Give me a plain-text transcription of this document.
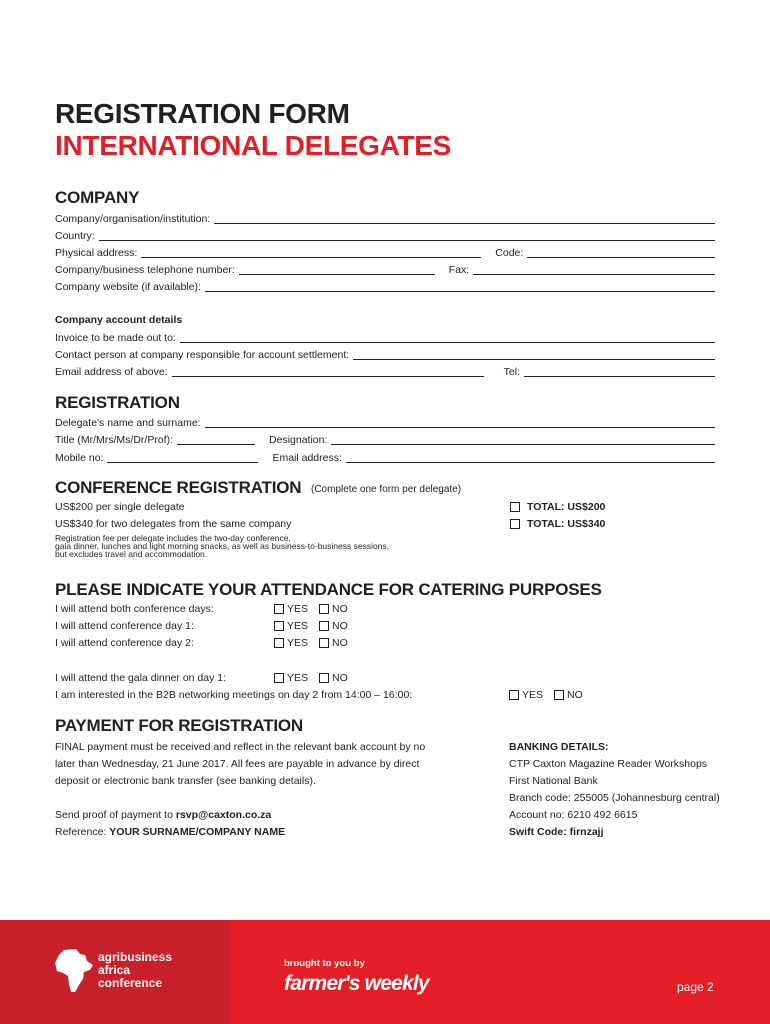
REGISTRATION FORM
INTERNATIONAL DELEGATES
COMPANY
Company/organisation/institution:
Country:
Physical address:	Code:
Company/business telephone number:	Fax:
Company website (if available):
Company account details
Invoice to be made out to:
Contact person at company responsible for account settlement:
Email address of above:	Tel:
REGISTRATION
Delegate's name and surname:
Title (Mr/Mrs/Ms/Dr/Prof):	Designation:
Mobile no:	Email address:
CONFERENCE REGISTRATION (Complete one form per delegate)
US$200 per single delegate
US$340 for two delegates from the same company
TOTAL: US$200
TOTAL: US$340
Registration fee per delegate includes the two-day conference,
gala dinner, lunches and light morning snacks, as well as business-to-business sessions,
but excludes travel and accommodation.
PLEASE INDICATE YOUR ATTENDANCE FOR CATERING PURPOSES
I will attend both conference days:	YES NO
I will attend conference day 1:	YES NO
I will attend conference day 2:	YES NO
I will attend the gala dinner on day 1:	YES NO
I am interested in the B2B networking meetings on day 2 from 14:00 – 16:00:	YES NO
PAYMENT FOR REGISTRATION
FINAL payment must be received and reflect in the relevant bank account by no
later than Wednesday, 21 June 2017. All fees are payable in advance by direct
deposit or electronic bank transfer (see banking details).
Send proof of payment to rsvp@caxton.co.za
Reference: YOUR SURNAME/COMPANY NAME
BANKING DETAILS:
CTP Caxton Magazine Reader Workshops
First National Bank
Branch code: 255005 (Johannesburg central)
Account no: 6210 492 6615
Swift Code: firnzajj
agribusiness
africa
conference
brought to you by
farmer's weekly	page 2
